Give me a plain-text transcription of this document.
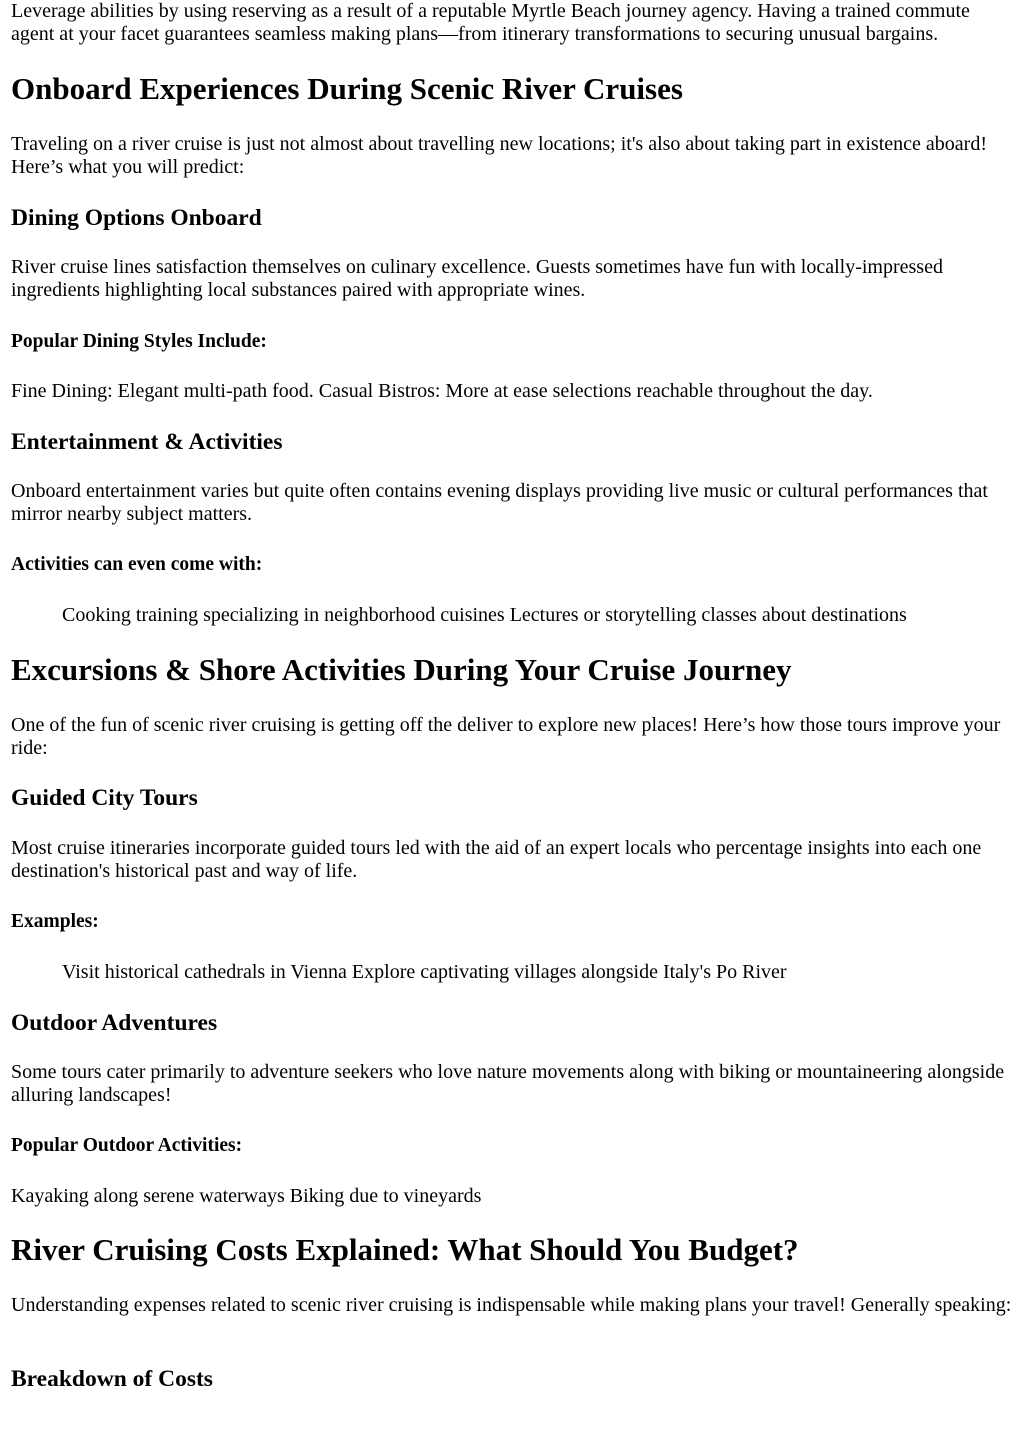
Leverage abilities by using reserving as a result of a reputable Myrtle Beach journey agency. Having a trained commute agent at your facet guarantees seamless making plans—from itinerary transformations to securing unusual bargains.

Onboard Experiences During Scenic River Cruises

Traveling on a river cruise is just not almost about travelling new locations; it's also about taking part in existence aboard! Here’s what you will predict:

Dining Options Onboard

River cruise lines satisfaction themselves on culinary excellence. Guests sometimes have fun with locally-impressed ingredients highlighting local substances paired with appropriate wines.

Popular Dining Styles Include:

Fine Dining: Elegant multi-path food. Casual Bistros: More at ease selections reachable throughout the day.

Entertainment & Activities

Onboard entertainment varies but quite often contains evening displays providing live music or cultural performances that mirror nearby subject matters.

Activities can even come with:

Cooking training specializing in neighborhood cuisines Lectures or storytelling classes about destinations

Excursions & Shore Activities During Your Cruise Journey

One of the fun of scenic river cruising is getting off the deliver to explore new places! Here’s how those tours improve your ride:

Guided City Tours

Most cruise itineraries incorporate guided tours led with the aid of an expert locals who percentage insights into each one destination's historical past and way of life.

Examples:

Visit historical cathedrals in Vienna Explore captivating villages alongside Italy's Po River

Outdoor Adventures

Some tours cater primarily to adventure seekers who love nature movements along with biking or mountaineering alongside alluring landscapes!

Popular Outdoor Activities:

Kayaking along serene waterways Biking due to vineyards

River Cruising Costs Explained: What Should You Budget?

Understanding expenses related to scenic river cruising is indispensable while making plans your travel! Generally speaking:

Breakdown of Costs
